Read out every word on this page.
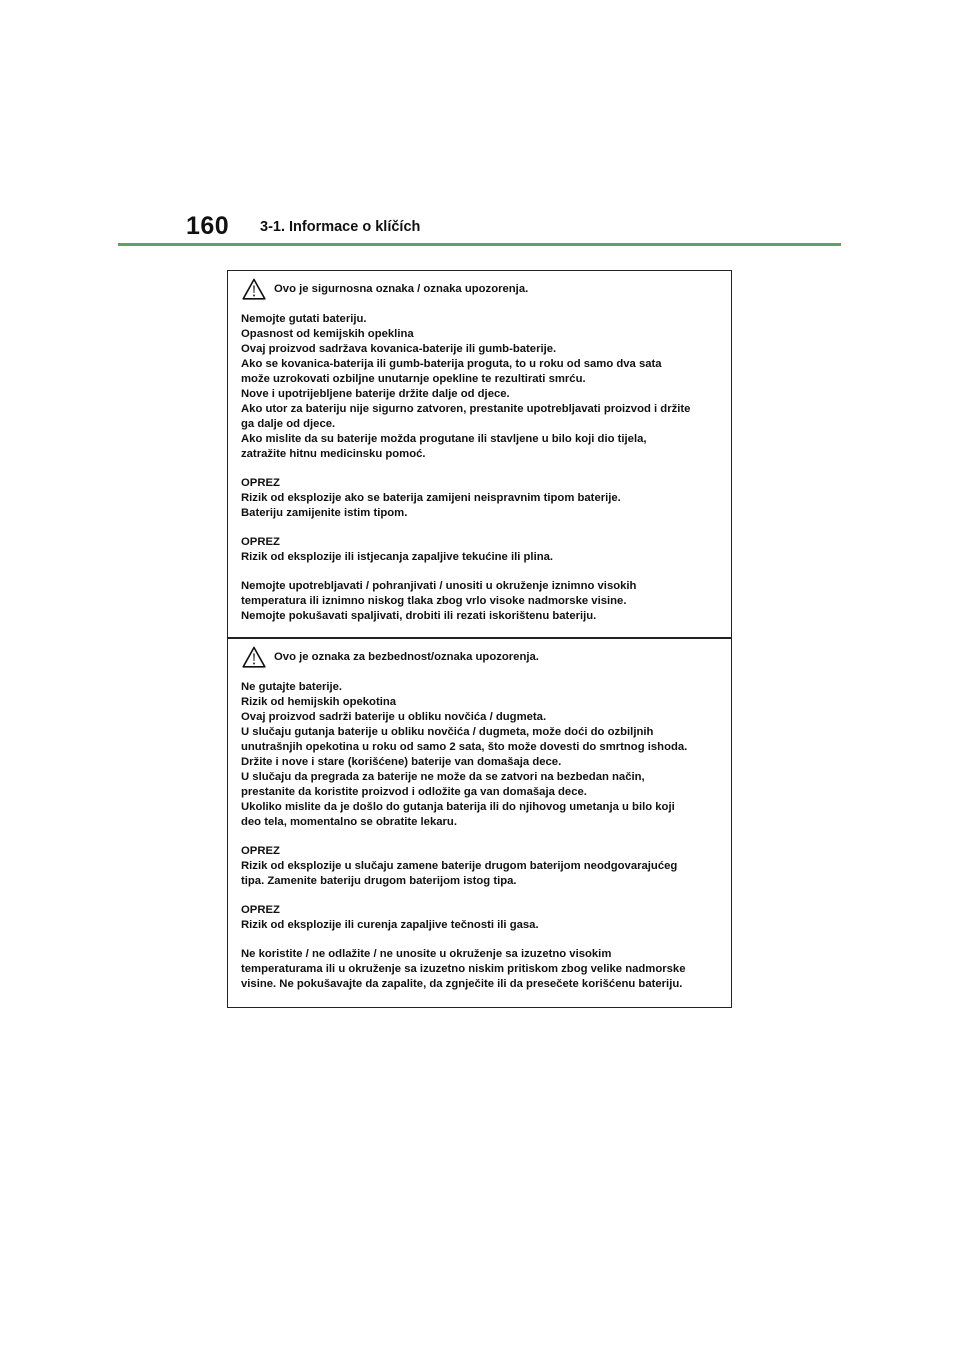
160 3-1. Informace o klíčích
Ovo je sigurnosna oznaka / oznaka upozorenja.
Nemojte gutati bateriju.
Opasnost od kemijskih opeklina
Ovaj proizvod sadržava kovanica-baterije ili gumb-baterije.
Ako se kovanica-baterija ili gumb-baterija proguta, to u roku od samo dva sata
može uzrokovati ozbiljne unutarnje opekline te rezultirati smrću.
Nove i upotrijebljene baterije držite dalje od djece.
Ako utor za bateriju nije sigurno zatvoren, prestanite upotrebljavati proizvod i držite
ga dalje od djece.
Ako mislite da su baterije možda progutane ili stavljene u bilo koji dio tijela,
zatražite hitnu medicinsku pomoć.
OPREZ
Rizik od eksplozije ako se baterija zamijeni neispravnim tipom baterije.
Bateriju zamijenite istim tipom.
OPREZ
Rizik od eksplozije ili istjecanja zapaljive tekućine ili plina.
Nemojte upotrebljavati / pohranjivati / unositi u okruženje iznimno visokih
temperatura ili iznimno niskog tlaka zbog vrlo visoke nadmorske visine.
Nemojte pokušavati spaljivati, drobiti ili rezati iskorištenu bateriju.
Ovo je oznaka za bezbednost/oznaka upozorenja.
Ne gutajte baterije.
Rizik od hemijskih opekotina
Ovaj proizvod sadrži baterije u obliku novčića / dugmeta.
U slučaju gutanja baterije u obliku novčića / dugmeta, može doći do ozbiljnih
unutrašnjih opekotina u roku od samo 2 sata, što može dovesti do smrtnog ishoda.
Držite i nove i stare (korišćene) baterije van domašaja dece.
U slučaju da pregrada za baterije ne može da se zatvori na bezbedan način,
prestanite da koristite proizvod i odložite ga van domašaja dece.
Ukoliko mislite da je došlo do gutanja baterija ili do njihovog umetanja u bilo koji
deo tela, momentalno se obratite lekaru.
OPREZ
Rizik od eksplozije u slučaju zamene baterije drugom baterijom neodgovarajućeg
tipa. Zamenite bateriju drugom baterijom istog tipa.
OPREZ
Rizik od eksplozije ili curenja zapaljive tečnosti ili gasa.
Ne koristite / ne odlažite / ne unosite u okruženje sa izuzetno visokim
temperaturama ili u okruženje sa izuzetno niskim pritiskom zbog velike nadmorske
visine. Ne pokušavajte da zapalite, da zgnječite ili da presečete korišćenu bateriju.
